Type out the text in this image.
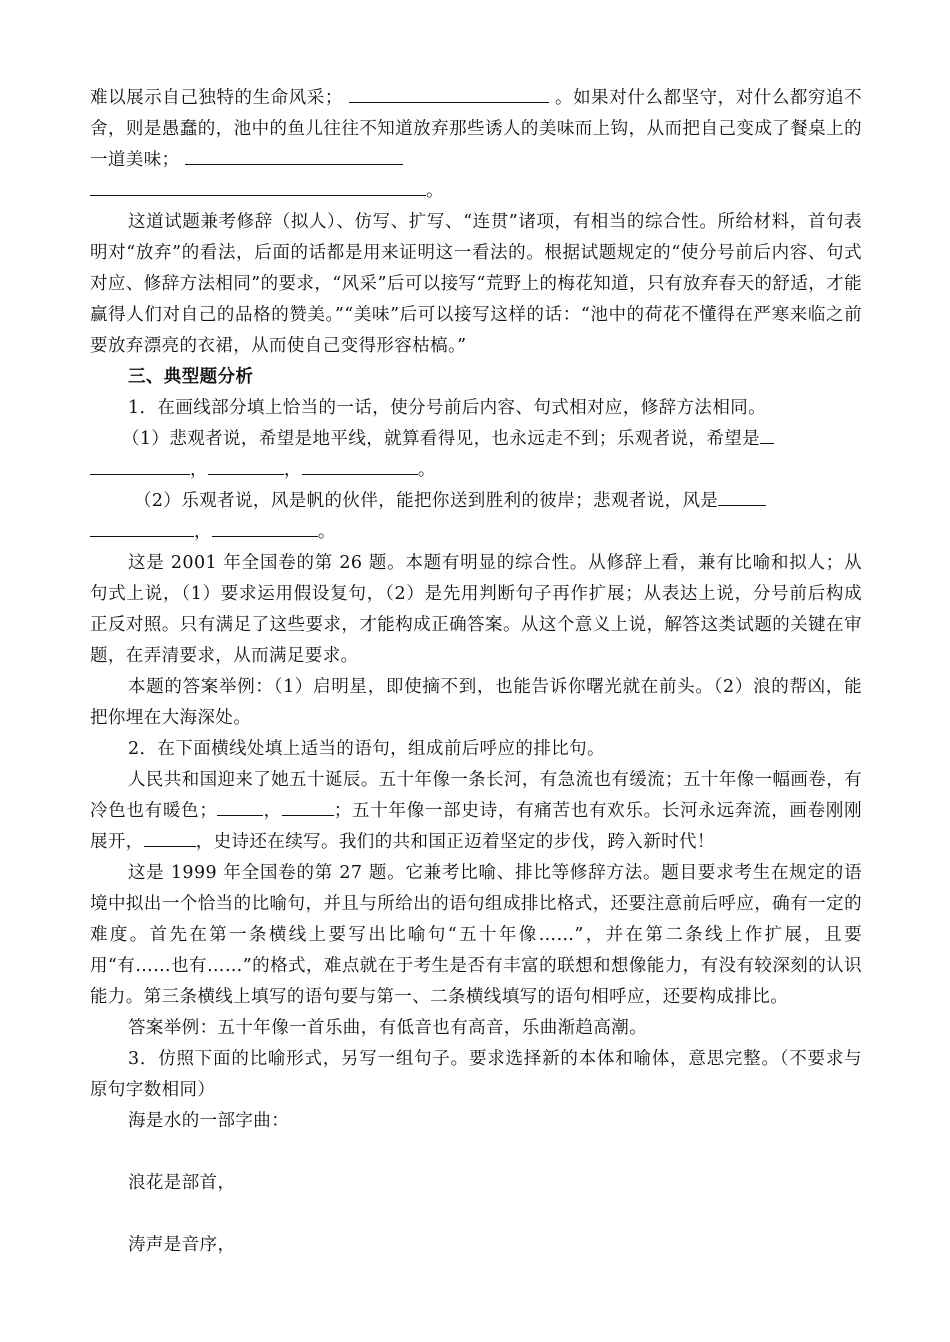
难以展示自己独特的生命风采；	。如果对什么都坚守，对什么都穷追不舍，则是愚蠢的，池中的鱼儿往往不知道放弃那些诱人的美味而上钩，从而把自己变成了餐桌上的一道美味；
。

这道试题兼考修辞（拟人）、仿写、扩写、“连贯”诸项，有相当的综合性。所给材料，首句表明对“放弃”的看法，后面的话都是用来证明这一看法的。根据试题规定的“使分号前后内容、句式对应、修辞方法相同”的要求，“风采”后可以接写“荒野上的梅花知道，只有放弃春天的舒适，才能赢得人们对自己的品格的赞美。”“美味”后可以接写这样的话：“池中的荷花不懂得在严寒来临之前要放弃漂亮的衣裙，从而使自己变得形容枯槁。”

三、典型题分析

1．在画线部分填上恰当的一话，使分号前后内容、句式相对应，修辞方法相同。

（1）悲观者说，希望是地平线，就算看得见，也永远走不到；乐观者说，希望是
，	，	。

（2）乐观者说，风是帆的伙伴，能把你送到胜利的彼岸；悲观者说，风是
，	。

这是 2001 年全国卷的第 26 题。本题有明显的综合性。从修辞上看，兼有比喻和拟人；从句式上说，（1）要求运用假设复句，（2）是先用判断句子再作扩展；从表达上说，分号前后构成正反对照。只有满足了这些要求，才能构成正确答案。从这个意义上说，解答这类试题的关键在审题，在弄清要求，从而满足要求。

本题的答案举例：（1）启明星，即使摘不到，也能告诉你曙光就在前头。（2）浪的帮凶，能把你埋在大海深处。

2．在下面横线处填上适当的语句，组成前后呼应的排比句。

人民共和国迎来了她五十诞辰。五十年像一条长河，有急流也有缓流；五十年像一幅画卷，有冷色也有暖色；	，	；五十年像一部史诗，有痛苦也有欢乐。长河永远奔流，画卷刚刚展开，	，史诗还在续写。我们的共和国正迈着坚定的步伐，跨入新时代！

这是 1999 年全国卷的第 27 题。它兼考比喻、排比等修辞方法。题目要求考生在规定的语境中拟出一个恰当的比喻句，并且与所给出的语句组成排比格式，还要注意前后呼应，确有一定的难度。首先在第一条横线上要写出比喻句“五十年像……”，并在第二条线上作扩展，且要用“有……也有……”的格式，难点就在于考生是否有丰富的联想和想像能力，有没有较深刻的认识能力。第三条横线上填写的语句要与第一、二条横线填写的语句相呼应，还要构成排比。

答案举例：五十年像一首乐曲，有低音也有高音，乐曲渐趋高潮。

3．仿照下面的比喻形式，另写一组句子。要求选择新的本体和喻体，意思完整。（不要求与原句字数相同）

海是水的一部字曲：

浪花是部首，

涛声是音序，
